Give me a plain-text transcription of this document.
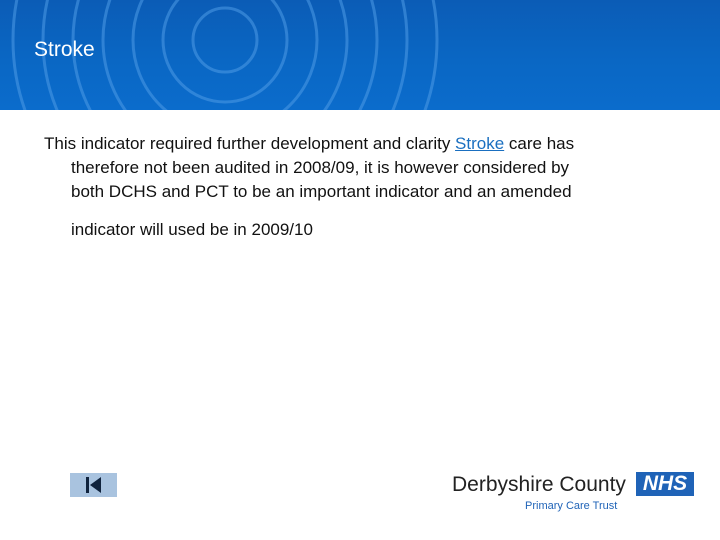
Stroke
This indicator required further development and clarity Stroke care has
therefore not been audited in 2008/09, it is however considered by
both DCHS and PCT to be an important indicator and an amended
indicator will used be in 2009/10
Derbyshire County NHS
Primary Care Trust
